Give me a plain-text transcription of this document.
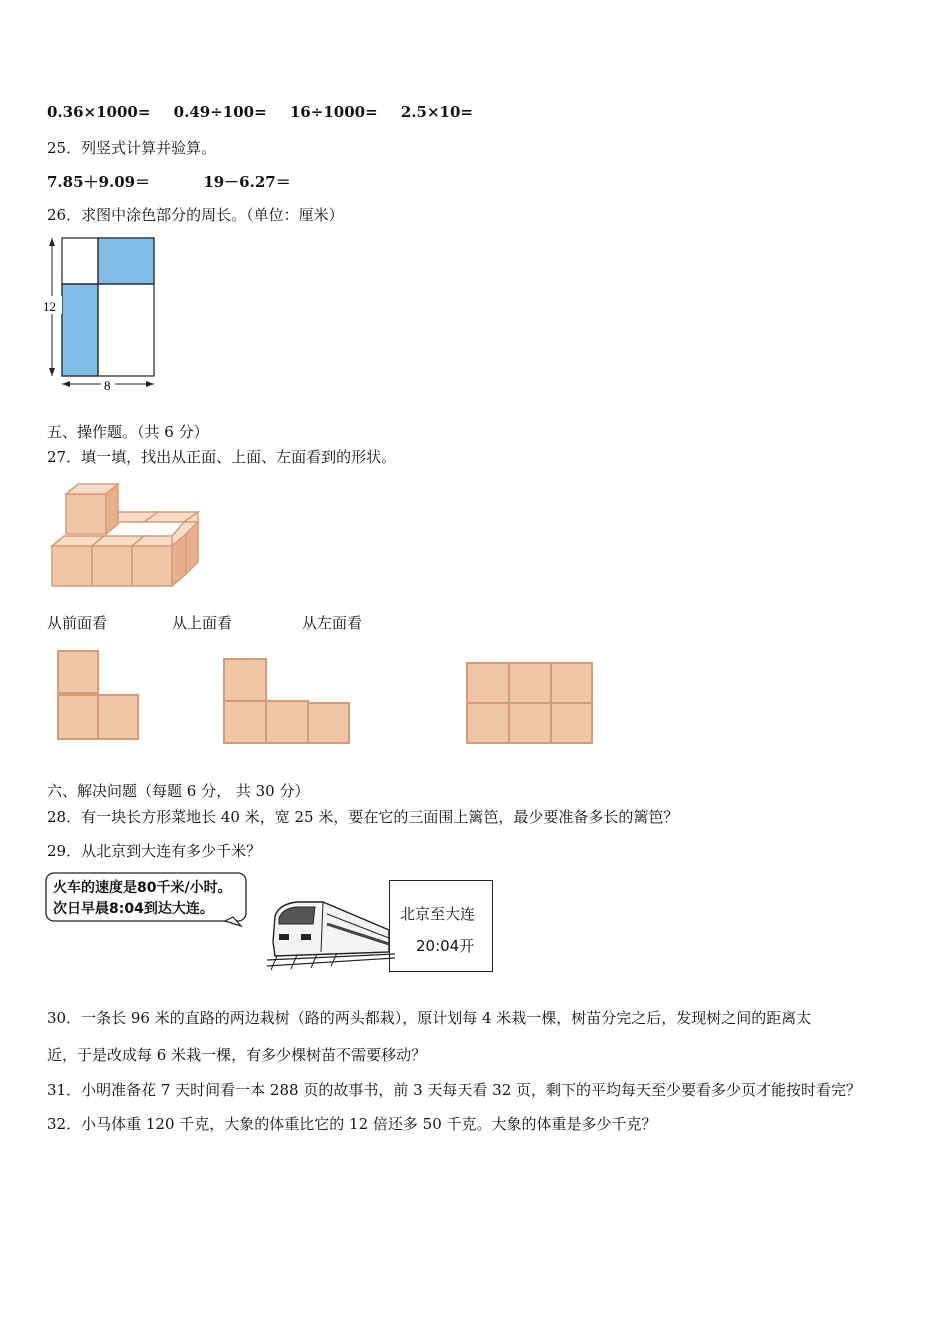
0.36×1000= 0.49÷100= 16÷1000= 2.5×10=
25．列竖式计算并验算。
7.85＋9.09＝	19－6.27＝
26．求图中涂色部分的周长。（单位：厘米）
12
8
五、操作题。（共 6 分）
27．填一填，找出从正面、上面、左面看到的形状。
从前面看	从上面看	从左面看
六、解决问题（每题 6 分， 共 30 分）
28．有一块长方形菜地长 40 米，宽 25 米，要在它的三面围上篱笆，最少要准备多长的篱笆？
29．从北京到大连有多少千米？
火车的速度是80千米/小时。
次日早晨8:04到达大连。	北京至大连
20:04开
30．一条长 96 米的直路的两边栽树（路的两头都栽），原计划每 4 米栽一棵，树苗分完之后，发现树之间的距离太
近，于是改成每 6 米栽一棵，有多少棵树苗不需要移动？
31．小明准备花 7 天时间看一本 288 页的故事书，前 3 天每天看 32 页，剩下的平均每天至少要看多少页才能按时看完？
32．小马体重 120 千克，大象的体重比它的 12 倍还多 50 千克。大象的体重是多少千克？
